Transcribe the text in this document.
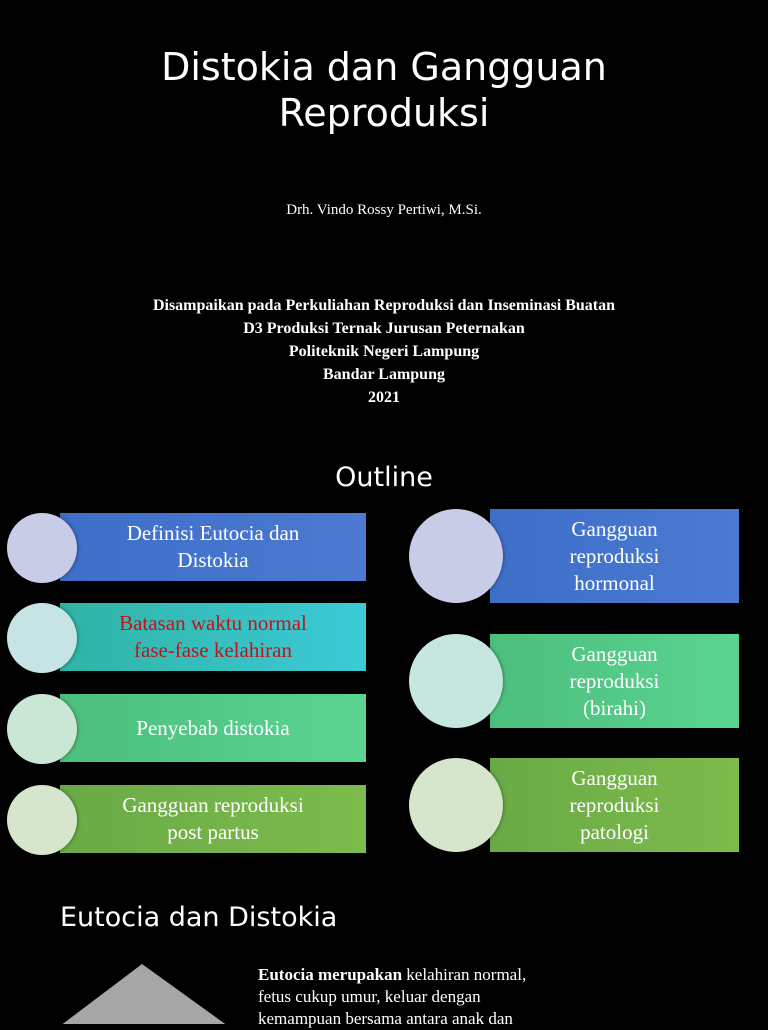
Distokia dan Gangguan
Reproduksi
Drh. Vindo Rossy Pertiwi, M.Si.
Disampaikan pada Perkuliahan Reproduksi dan Inseminasi Buatan
D3 Produksi Ternak Jurusan Peternakan
Politeknik Negeri Lampung
Bandar Lampung
2021
Outline
Definisi Eutocia dan
Distokia
Batasan waktu normal
fase-fase kelahiran
Penyebab distokia
Gangguan reproduksi
post partus
Gangguan
reproduksi
hormonal
Gangguan
reproduksi
(birahi)
Gangguan
reproduksi
patologi
Eutocia dan Distokia
Eutocia merupakan kelahiran normal,
fetus cukup umur, keluar dengan
kemampuan bersama antara anak dan
